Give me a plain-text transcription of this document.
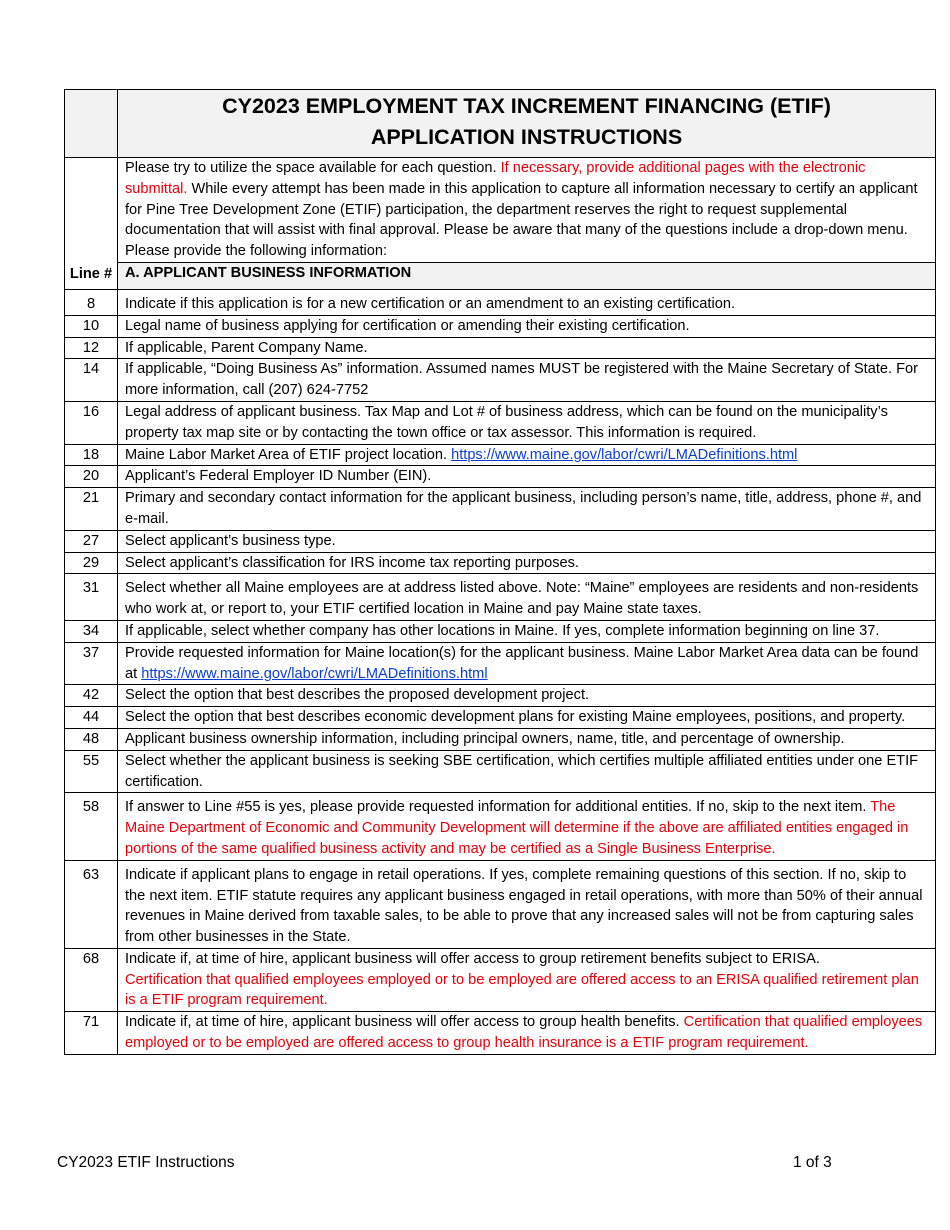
	CY2023 EMPLOYMENT TAX INCREMENT FINANCING (ETIF)
APPLICATION INSTRUCTIONS

Line #	Please try to utilize the space available for each question. If necessary, provide additional pages with the electronic submittal. While every attempt has been made in this application to capture all information necessary to certify an applicant for Pine Tree Development Zone (ETIF) participation, the department reserves the right to request supplemental documentation that will assist with final approval. Please be aware that many of the questions include a drop-down menu. Please provide the following information:
	A. APPLICANT BUSINESS INFORMATION
8	Indicate if this application is for a new certification or an amendment to an existing certification.
10	Legal name of business applying for certification or amending their existing certification.
12	If applicable, Parent Company Name.
14	If applicable, “Doing Business As” information. Assumed names MUST be registered with the Maine Secretary of State. For more information, call (207) 624-7752
16	Legal address of applicant business. Tax Map and Lot # of business address, which can be found on the municipality’s property tax map site or by contacting the town office or tax assessor. This information is required.
18	Maine Labor Market Area of ETIF project location. https://www.maine.gov/labor/cwri/LMADefinitions.html
20	Applicant’s Federal Employer ID Number (EIN).
21	Primary and secondary contact information for the applicant business, including person’s name, title, address, phone #, and e-mail.
27	Select applicant’s business type.
29	Select applicant’s classification for IRS income tax reporting purposes.
31	Select whether all Maine employees are at address listed above. Note: “Maine” employees are residents and non-residents who work at, or report to, your ETIF certified location in Maine and pay Maine state taxes.
34	If applicable, select whether company has other locations in Maine. If yes, complete information beginning on line 37.
37	Provide requested information for Maine location(s) for the applicant business. Maine Labor Market Area data can be found at https://www.maine.gov/labor/cwri/LMADefinitions.html
42	Select the option that best describes the proposed development project.
44	Select the option that best describes economic development plans for existing Maine employees, positions, and property.
48	Applicant business ownership information, including principal owners, name, title, and percentage of ownership.
55	Select whether the applicant business is seeking SBE certification, which certifies multiple affiliated entities under one ETIF certification.
58	If answer to Line #55 is yes, please provide requested information for additional entities. If no, skip to the next item. The Maine Department of Economic and Community Development will determine if the above are affiliated entities engaged in portions of the same qualified business activity and may be certified as a Single Business Enterprise.
63	Indicate if applicant plans to engage in retail operations. If yes, complete remaining questions of this section. If no, skip to the next item. ETIF statute requires any applicant business engaged in retail operations, with more than 50% of their annual revenues in Maine derived from taxable sales, to be able to prove that any increased sales will not be from capturing sales from other businesses in the State.
68	Indicate if, at time of hire, applicant business will offer access to group retirement benefits subject to ERISA.
Certification that qualified employees employed or to be employed are offered access to an ERISA qualified retirement plan is a ETIF program requirement.
71	Indicate if, at time of hire, applicant business will offer access to group health benefits. Certification that qualified employees employed or to be employed are offered access to group health insurance is a ETIF program requirement.
CY2023 ETIF Instructions	1 of 3
